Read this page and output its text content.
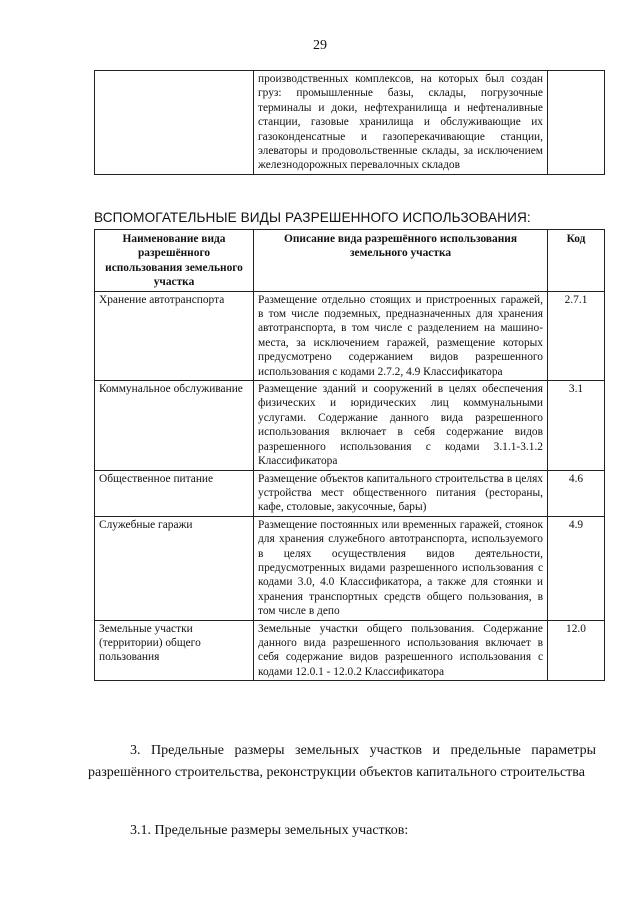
29
	производственных комплексов, на которых был создан груз: промышленные базы, склады, погрузочные терминалы и доки, нефтехранилища и нефтеналивные станции, газовые хранилища и обслуживающие их газоконденсатные и газоперекачивающие станции, элеваторы и продовольственные склады, за исключением железнодорожных перевалочных складов	
ВСПОМОГАТЕЛЬНЫЕ ВИДЫ РАЗРЕШЕННОГО ИСПОЛЬЗОВАНИЯ:
Наименование вида разрешённого использования земельного участка	Описание вида разрешённого использования земельного участка	Код
Хранение автотранспорта	Размещение отдельно стоящих и пристроенных гаражей, в том числе подземных, предназначенных для хранения автотранспорта, в том числе с разделением на машино-места, за исключением гаражей, размещение которых предусмотрено содержанием видов разрешенного использования с кодами 2.7.2, 4.9 Классификатора	2.7.1
Коммунальное обслуживание	Размещение зданий и сооружений в целях обеспечения физических и юридических лиц коммунальными услугами. Содержание данного вида разрешенного использования включает в себя содержание видов разрешенного использования с кодами 3.1.1-3.1.2 Классификатора	3.1
Общественное питание	Размещение объектов капитального строительства в целях устройства мест общественного питания (рестораны, кафе, столовые, закусочные, бары)	4.6
Служебные гаражи	Размещение постоянных или временных гаражей, стоянок для хранения служебного автотранспорта, используемого в целях осуществления видов деятельности, предусмотренных видами разрешенного использования с кодами 3.0, 4.0 Классификатора, а также для стоянки и хранения транспортных средств общего пользования, в том числе в депо	4.9
Земельные участки (территории) общего пользования	Земельные участки общего пользования. Содержание данного вида разрешенного использования включает в себя содержание видов разрешенного использования с кодами 12.0.1 - 12.0.2 Классификатора	12.0
3. Предельные размеры земельных участков и предельные параметры разрешённого строительства, реконструкции объектов капитального строительства
3.1. Предельные размеры земельных участков:
